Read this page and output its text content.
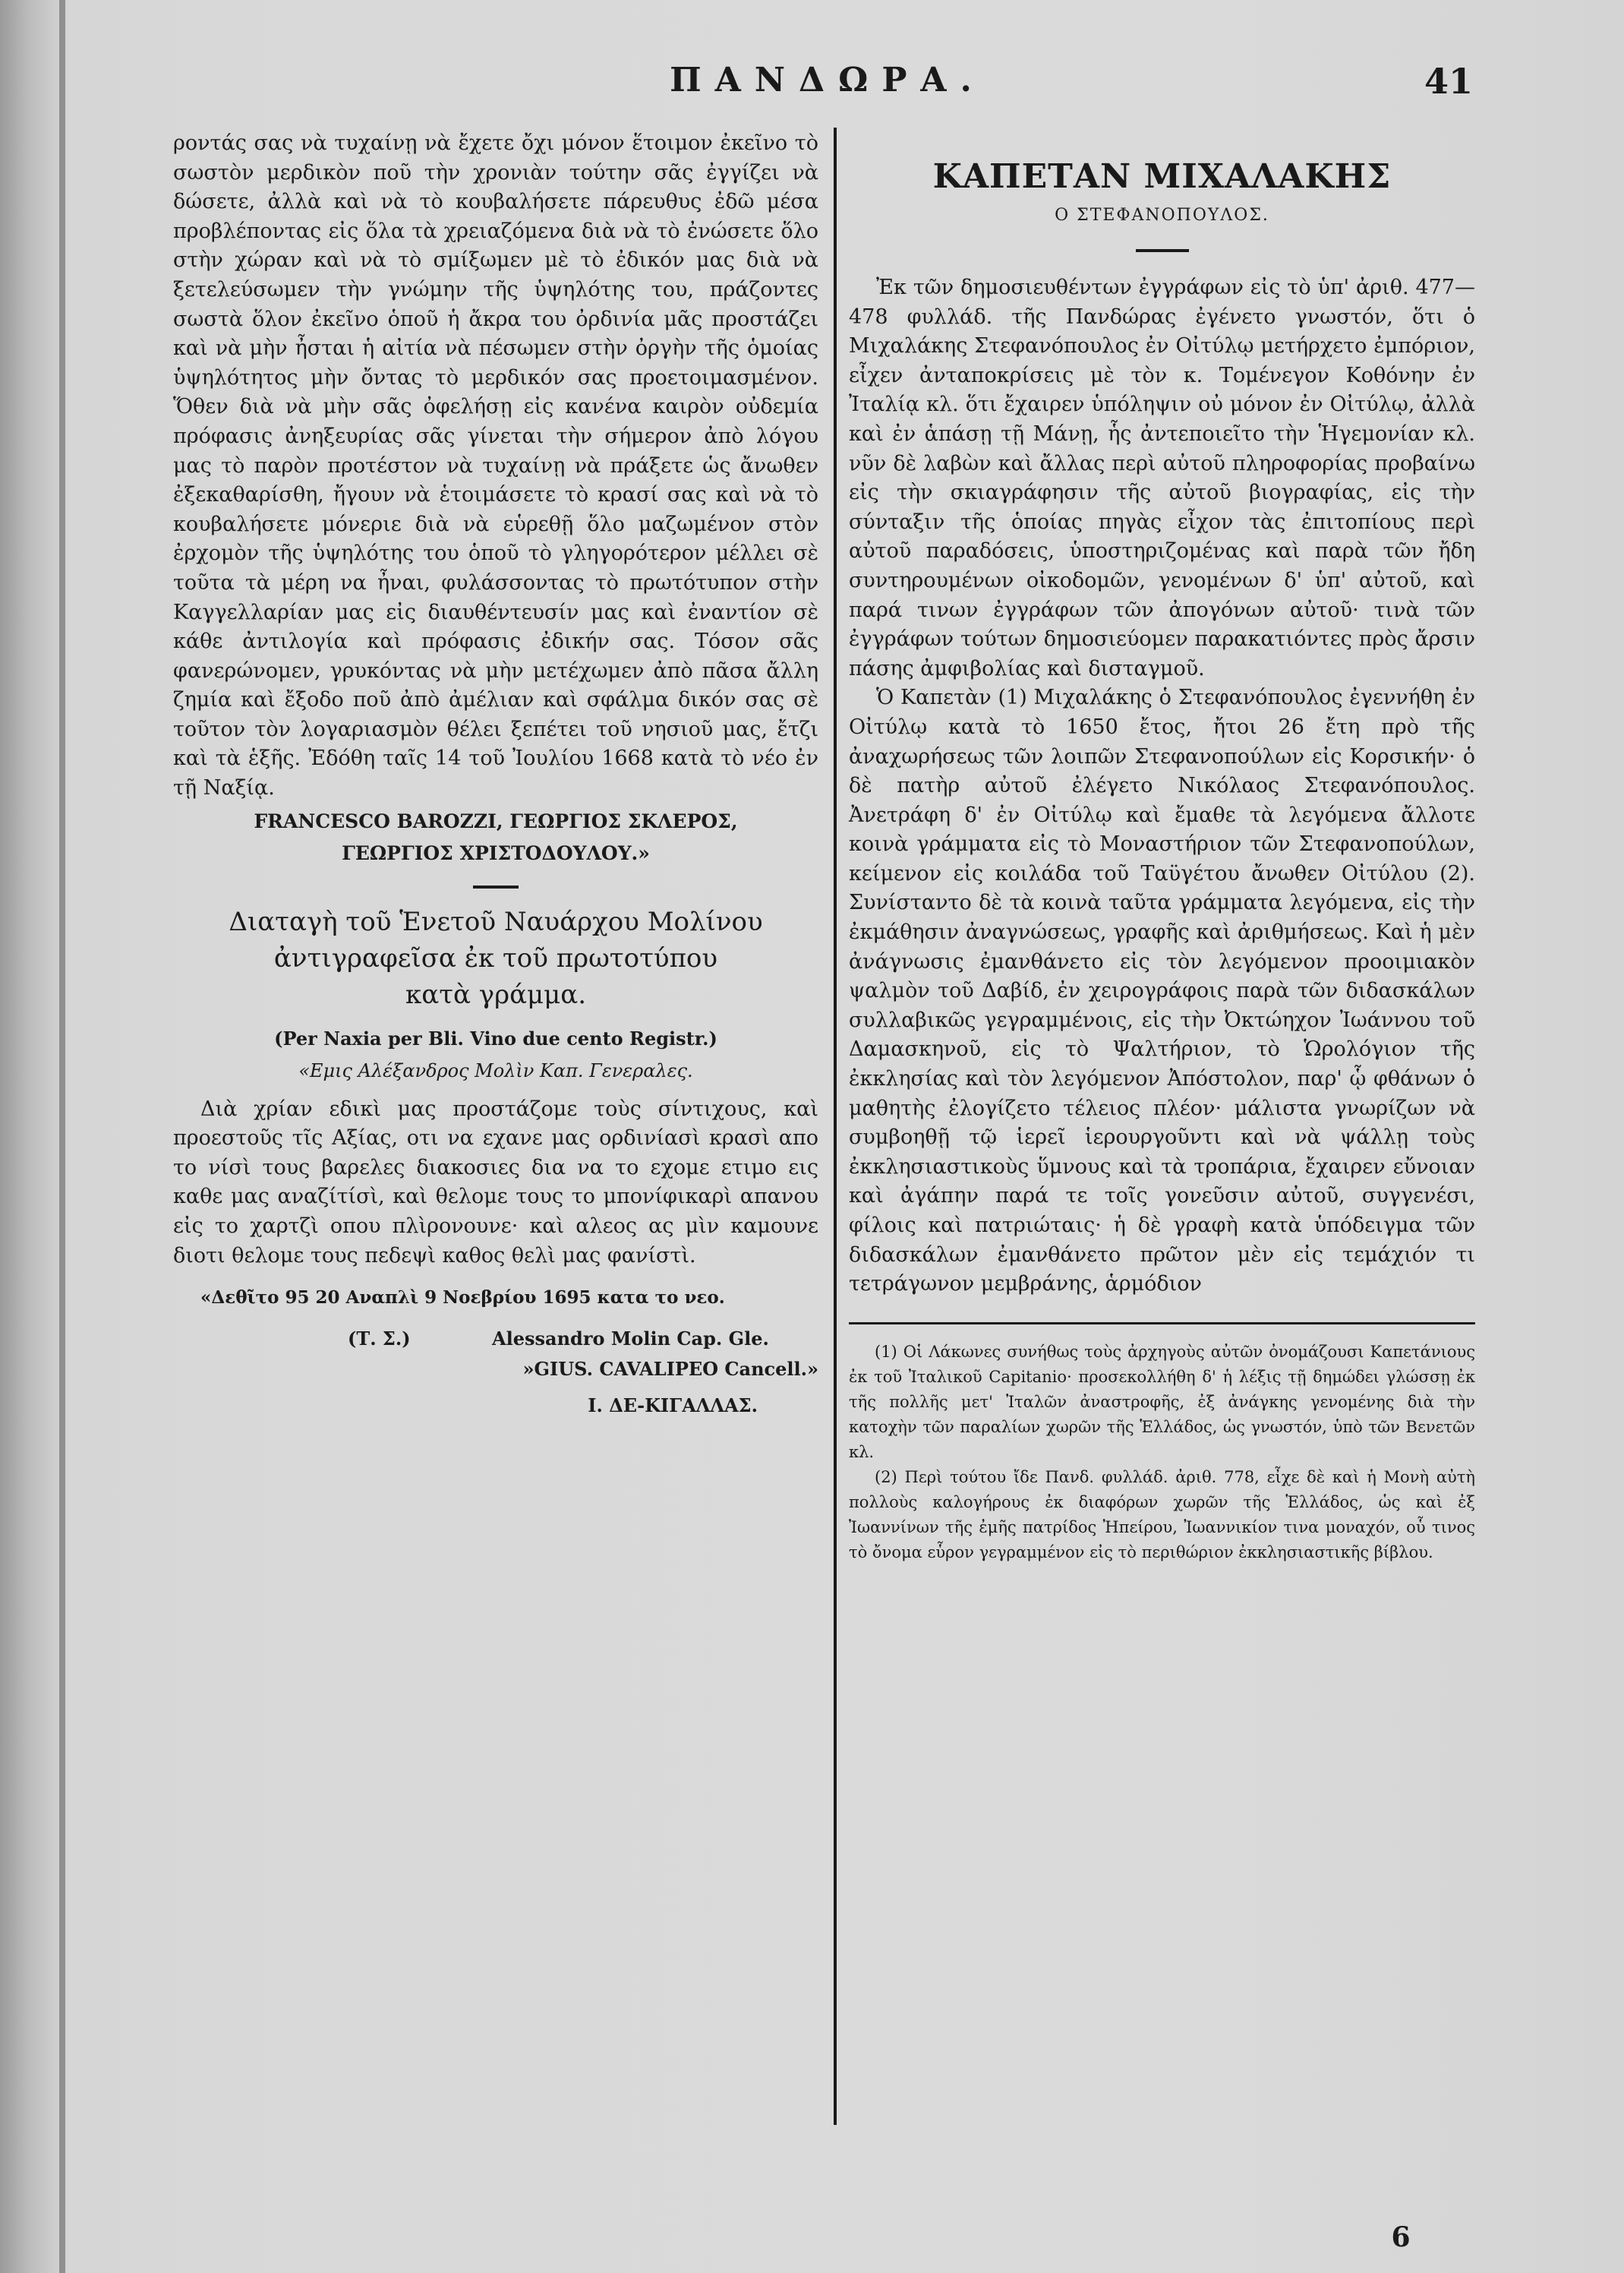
ΠΑΝΔΩΡΑ.	41

ροντάς σας νὰ τυχαίνῃ νὰ ἔχετε ὄχι μόνον ἕτοιμον ἐκεῖνο τὸ σωστὸν μερδικὸν ποῦ τὴν χρονιὰν τούτην σᾶς ἐγγίζει νὰ δώσετε, ἀλλὰ καὶ νὰ τὸ κουβαλήσετε πάρευθυς ἐδῶ μέσα προβλέποντας εἰς ὅλα τὰ χρειαζόμενα διὰ νὰ τὸ ἐνώσετε ὅλο στὴν χώραν καὶ νὰ τὸ σμίξωμεν μὲ τὸ ἐδικόν μας διὰ νὰ ξετελεύσωμεν τὴν γνώμην τῆς ὑψηλότης του, πράζοντες σωστὰ ὅλον ἐκεῖνο ὁποῦ ἡ ἄκρα του ὀρδινία μᾶς προστάζει καὶ νὰ μὴν ἦσται ἡ αἰτία νὰ πέσωμεν στὴν ὀργὴν τῆς ὁμοίας ὑψηλότητος μὴν ὄντας τὸ μερδικόν σας προετοιμασμένον. Ὅθεν διὰ νὰ μὴν σᾶς ὀφελήσῃ εἰς κανένα καιρὸν οὐδεμία πρόφασις ἀνηξευρίας σᾶς γίνεται τὴν σήμερον ἀπὸ λόγου μας τὸ παρὸν προτέστον νὰ τυχαίνῃ νὰ πράξετε ὡς ἄνωθεν ἐξεκαθαρίσθη, ἤγουν νὰ ἑτοιμάσετε τὸ κρασί σας καὶ νὰ τὸ κουβαλήσετε μόνεριε διὰ νὰ εὑρεθῇ ὅλο μαζωμένον στὸν ἐρχομὸν τῆς ὑψηλότης του ὁποῦ τὸ γληγορότερον μέλλει σὲ τοῦτα τὰ μέρη να ἦναι, φυλάσσοντας τὸ πρωτότυπον στὴν Καγγελλαρίαν μας εἰς διαυθέντευσίν μας καὶ ἐναντίον σὲ κάθε ἀντιλογία καὶ πρόφασις ἐδικήν σας. Τόσον σᾶς φανερώνομεν, γρυκόντας νὰ μὴν μετέχωμεν ἀπὸ πᾶσα ἄλλη ζημία καὶ ἔξοδο ποῦ ἀπὸ ἀμέλιαν καὶ σφάλμα δικόν σας σὲ τοῦτον τὸν λογαριασμὸν θέλει ξεπέτει τοῦ νησιοῦ μας, ἔτζι καὶ τὰ ἑξῆς. Ἐδόθη ταῖς 14 τοῦ Ἰουλίου 1668 κατὰ τὸ νέο ἐν τῇ Ναξίᾳ.

FRANCESCO BAROZZI, ΓΕΩΡΓΙΟΣ ΣΚΛΕΡΟΣ,

ΓΕΩΡΓΙΟΣ ΧΡΙΣΤΟΔΟΥΛΟΥ.»

Διαταγὴ τοῦ Ἑνετοῦ Ναυάρχου Μολίνου

ἀντιγραφεῖσα ἐκ τοῦ πρωτοτύπου

κατὰ γράμμα.

(Per Naxia per Bli. Vino due cento Registr.)

«Εμις Αλέξανδρος Μολὶν Καπ. Γενεραλες.

Διὰ χρίαν εδικὶ μας προστάζομε τοὺς σίντιχους, καὶ προεστοῦς τῖς Αξίας, οτι να εχανε μας ορδινίασὶ κρασὶ απο το νίσὶ τους βαρελες διακοσιες δια να το εχομε ετιμο εις καθε μας αναζίτίσὶ, καὶ θελομε τους το μπονίφικαρὶ απανου εἰς το χαρτζὶ οπου πλὶρονουνε· καὶ αλεος ας μὶν καμουνε διοτι θελομε τους πεδεψὶ καθος θελὶ μας φανίστὶ.

«Δεθῖτο 95 20 Αναπλὶ 9 Νοεβρίου 1695 κατα το νεο.

(Τ. Σ.)	Alessandro Molin Cap. Gle.
»GIUS. CAVALIPEO Cancell.»

Ι. ΔΕ-ΚΙΓΑΛΛΑΣ.

ΚΑΠΕΤΑΝ ΜΙΧΑΛΑΚΗΣ

Ο ΣΤΕΦΑΝΟΠΟΥΛΟΣ.

Ἐκ τῶν δημοσιευθέντων ἐγγράφων εἰς τὸ ὑπ' ἀριθ. 477—478 φυλλάδ. τῆς Πανδώρας ἐγένετο γνωστόν, ὅτι ὁ Μιχαλάκης Στεφανόπουλος ἐν Οἰτύλῳ μετήρχετο ἐμπόριον, εἶχεν ἀνταποκρίσεις μὲ τὸν κ. Τομένεγον Κοθόνην ἐν Ἰταλίᾳ κλ. ὅτι ἔχαιρεν ὑπόληψιν οὐ μόνον ἐν Οἰτύλῳ, ἀλλὰ καὶ ἐν ἁπάσῃ τῇ Μάνῃ, ἧς ἀντεποιεῖτο τὴν Ἡγεμονίαν κλ. νῦν δὲ λαβὼν καὶ ἄλλας περὶ αὐτοῦ πληροφορίας προβαίνω εἰς τὴν σκιαγράφησιν τῆς αὐτοῦ βιογραφίας, εἰς τὴν σύνταξιν τῆς ὁποίας πηγὰς εἶχον τὰς ἐπιτοπίους περὶ αὐτοῦ παραδόσεις, ὑποστηριζομένας καὶ παρὰ τῶν ἤδη συντηρουμένων οἰκοδομῶν, γενομένων δ' ὑπ' αὐτοῦ, καὶ παρά τινων ἐγγράφων τῶν ἀπογόνων αὐτοῦ· τινὰ τῶν ἐγγράφων τούτων δημοσιεύομεν παρακατιόντες πρὸς ἄρσιν πάσης ἀμφιβολίας καὶ δισταγμοῦ.

Ὁ Καπετὰν (1) Μιχαλάκης ὁ Στεφανόπουλος ἐγεννήθη ἐν Οἰτύλῳ κατὰ τὸ 1650 ἔτος, ἤτοι 26 ἔτη πρὸ τῆς ἀναχωρήσεως τῶν λοιπῶν Στεφανοπούλων εἰς Κορσικήν· ὁ δὲ πατὴρ αὐτοῦ ἐλέγετο Νικόλαος Στεφανόπουλος. Ἀνετράφη δ' ἐν Οἰτύλῳ καὶ ἔμαθε τὰ λεγόμενα ἄλλοτε κοινὰ γράμματα εἰς τὸ Μοναστήριον τῶν Στεφανοπούλων, κείμενον εἰς κοιλάδα τοῦ Ταϋγέτου ἄνωθεν Οἰτύλου (2). Συνίσταντο δὲ τὰ κοινὰ ταῦτα γράμματα λεγόμενα, εἰς τὴν ἐκμάθησιν ἀναγνώσεως, γραφῆς καὶ ἀριθμήσεως. Καὶ ἡ μὲν ἀνάγνωσις ἐμανθάνετο εἰς τὸν λεγόμενον προοιμιακὸν ψαλμὸν τοῦ Δαβίδ, ἐν χειρογράφοις παρὰ τῶν διδασκάλων συλλαβικῶς γεγραμμένοις, εἰς τὴν Ὀκτώηχον Ἰωάννου τοῦ Δαμασκηνοῦ, εἰς τὸ Ψαλτήριον, τὸ Ὡρολόγιον τῆς ἐκκλησίας καὶ τὸν λεγόμενον Ἀπόστολον, παρ' ᾧ φθάνων ὁ μαθητὴς ἐλογίζετο τέλειος πλέον· μάλιστα γνωρίζων νὰ συμβοηθῇ τῷ ἱερεῖ ἱερουργοῦντι καὶ νὰ ψάλλῃ τοὺς ἐκκλησιαστικοὺς ὕμνους καὶ τὰ τροπάρια, ἔχαιρεν εὔνοιαν καὶ ἀγάπην παρά τε τοῖς γονεῦσιν αὐτοῦ, συγγενέσι, φίλοις καὶ πατριώταις· ἡ δὲ γραφὴ κατὰ ὑπόδειγμα τῶν διδασκάλων ἐμανθάνετο πρῶτον μὲν εἰς τεμάχιόν τι τετράγωνον μεμβράνης, ἁρμόδιον

(1) Οἱ Λάκωνες συνήθως τοὺς ἀρχηγοὺς αὐτῶν ὀνομάζουσι Καπετάνιους ἐκ τοῦ Ἰταλικοῦ Capitanio· προσεκολλήθη δ' ἡ λέξις τῇ δημώδει γλώσσῃ ἐκ τῆς πολλῆς μετ' Ἰταλῶν ἀναστροφῆς, ἐξ ἀνάγκης γενομένης διὰ τὴν κατοχὴν τῶν παραλίων χωρῶν τῆς Ἑλλάδος, ὡς γνωστόν, ὑπὸ τῶν Βενετῶν κλ.

(2) Περὶ τούτου ἴδε Πανδ. φυλλάδ. ἀριθ. 778, εἶχε δὲ καὶ ἡ Μονὴ αὐτὴ πολλοὺς καλογήρους ἐκ διαφόρων χωρῶν τῆς Ἑλλάδος, ὡς καὶ ἐξ Ἰωαννίνων τῆς ἐμῆς πατρίδος Ἠπείρου, Ἰωαννικίον τινα μοναχόν, οὗ τινος τὸ ὄνομα εὗρον γεγραμμένον εἰς τὸ περιθώριον ἐκκλησιαστικῆς βίβλου.

6
